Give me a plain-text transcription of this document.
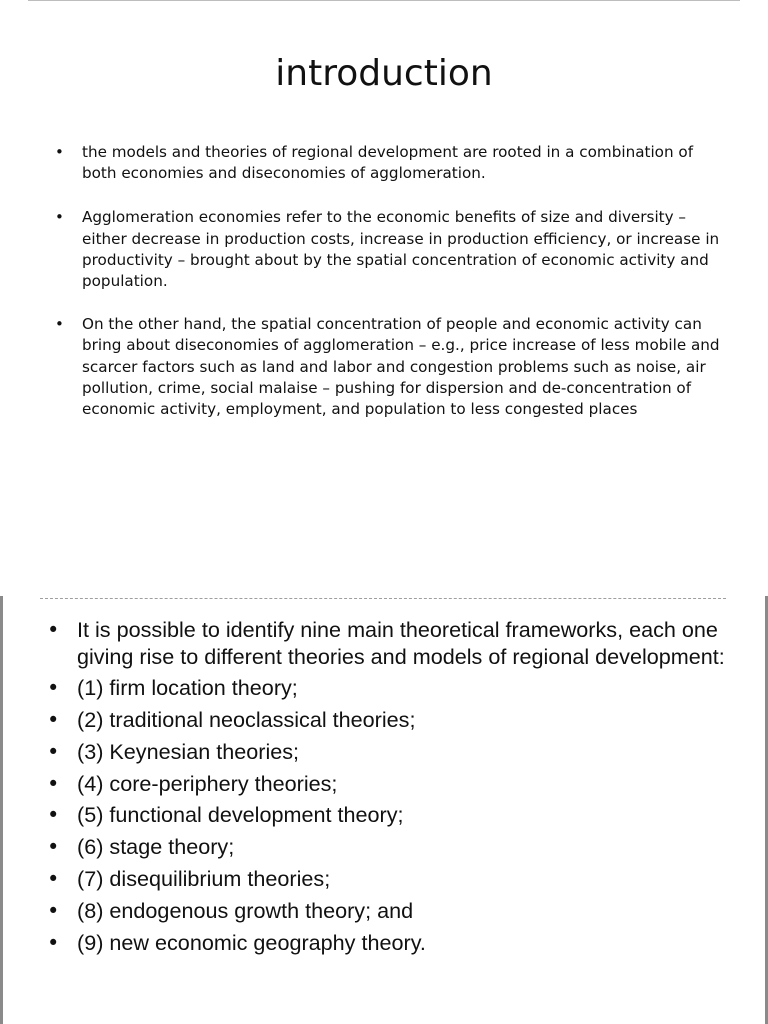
introduction
• the models and theories of regional development are rooted in a combination of both economies and diseconomies of agglomeration.
• Agglomeration economies refer to the economic benefits of size and diversity – either decrease in production costs, increase in production efficiency, or increase in productivity – brought about by the spatial concentration of economic activity and population.
• On the other hand, the spatial concentration of people and economic activity can bring about diseconomies of agglomeration – e.g., price increase of less mobile and scarcer factors such as land and labor and congestion problems such as noise, air pollution, crime, social malaise – pushing for dispersion and de-concentration of economic activity, employment, and population to less congested places
• It is possible to identify nine main theoretical frameworks, each one giving rise to different theories and models of regional development:
• (1) firm location theory;
• (2) traditional neoclassical theories;
• (3) Keynesian theories;
• (4) core-periphery theories;
• (5) functional development theory;
• (6) stage theory;
• (7) disequilibrium theories;
• (8) endogenous growth theory; and
• (9) new economic geography theory.
